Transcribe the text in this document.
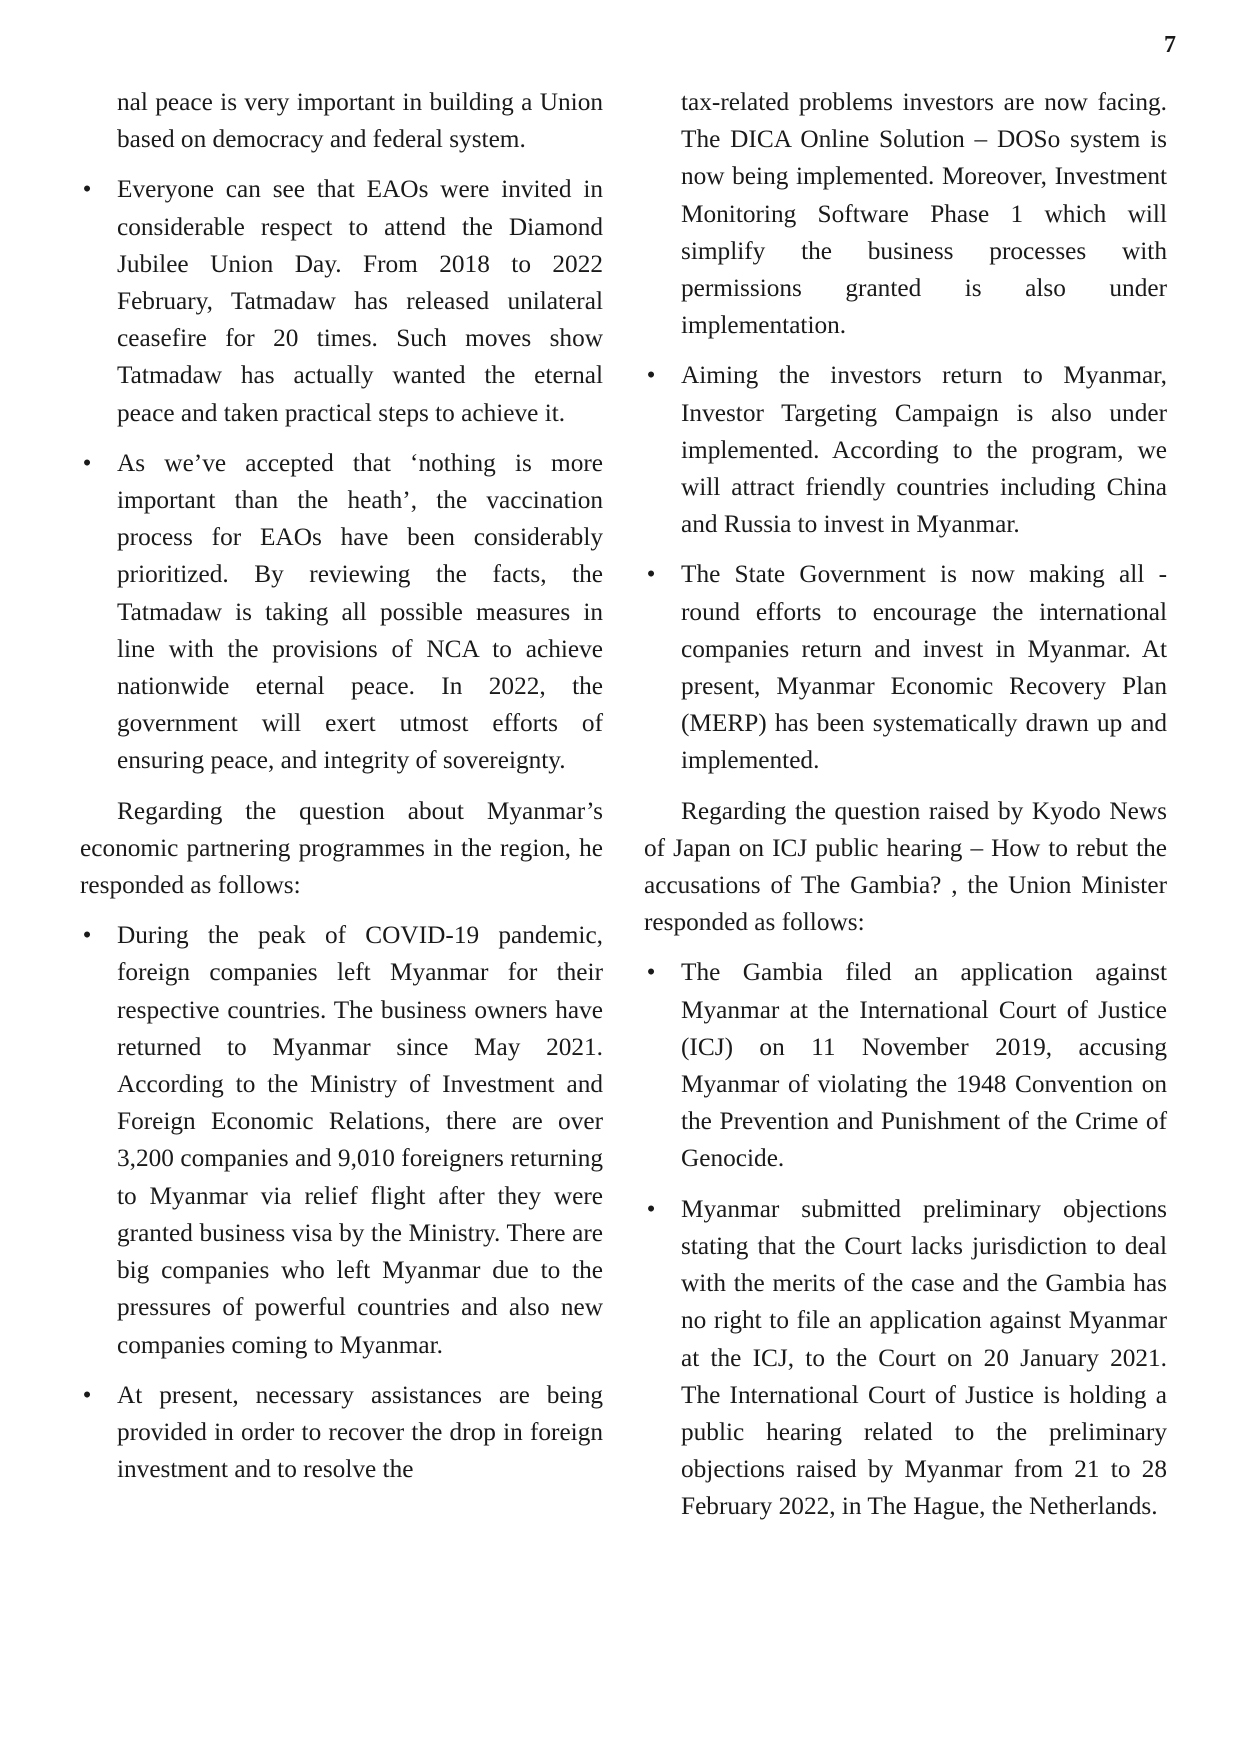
7

nal peace is very important in building a Union based on democracy and federal system.

•
Everyone can see that EAOs were invited in considerable respect to attend the Diamond Jubilee Union Day. From 2018 to 2022 February, Tatmadaw has released unilateral ceasefire for 20 times. Such moves show Tatmadaw has actually wanted the eternal peace and taken practical steps to achieve it.
•
As we’ve accepted that ‘nothing is more important than the heath’, the vaccination process for EAOs have been considerably prioritized. By reviewing the facts, the Tatmadaw is taking all possible measures in line with the provisions of NCA to achieve nationwide eternal peace. In 2022, the government will exert utmost efforts of ensuring peace, and integrity of sovereignty.

Regarding the question about Myanmar’s economic partnering programmes in the region, he responded as follows:

•
During the peak of COVID-19 pandemic, foreign companies left Myanmar for their respective countries. The business owners have returned to Myanmar since May 2021. According to the Ministry of Investment and Foreign Economic Relations, there are over 3,200 companies and 9,010 foreigners returning to Myanmar via relief flight after they were granted business visa by the Ministry. There are big companies who left Myanmar due to the pressures of powerful countries and also new companies coming to Myanmar.
•
At present, necessary assistances are being provided in order to recover the drop in foreign investment and to resolve the

tax-related problems investors are now facing. The DICA Online Solution – DOSo system is now being implemented. Moreover, Investment Monitoring Software Phase 1 which will simplify the business processes with permissions granted is also under implementation.

•
Aiming the investors return to Myanmar, Investor Targeting Campaign is also under implemented. According to the program, we will attract friendly countries including China and Russia to invest in Myanmar.
•
The State Government is now making all -round efforts to encourage the international companies return and invest in Myanmar. At present, Myanmar Economic Recovery Plan (MERP) has been systematically drawn up and implemented.

Regarding the question raised by Kyodo News of Japan on ICJ public hearing – How to rebut the accusations of The Gambia? , the Union Minister responded as follows:

•
The Gambia filed an application against Myanmar at the International Court of Justice (ICJ) on 11 November 2019, accusing Myanmar of violating the 1948 Convention on the Prevention and Punishment of the Crime of Genocide.
•
Myanmar submitted preliminary objections stating that the Court lacks jurisdiction to deal with the merits of the case and the Gambia has no right to file an application against Myanmar at the ICJ, to the Court on 20 January 2021. The International Court of Justice is holding a public hearing related to the preliminary objections raised by Myanmar from 21 to 28 February 2022, in The Hague, the Netherlands.
